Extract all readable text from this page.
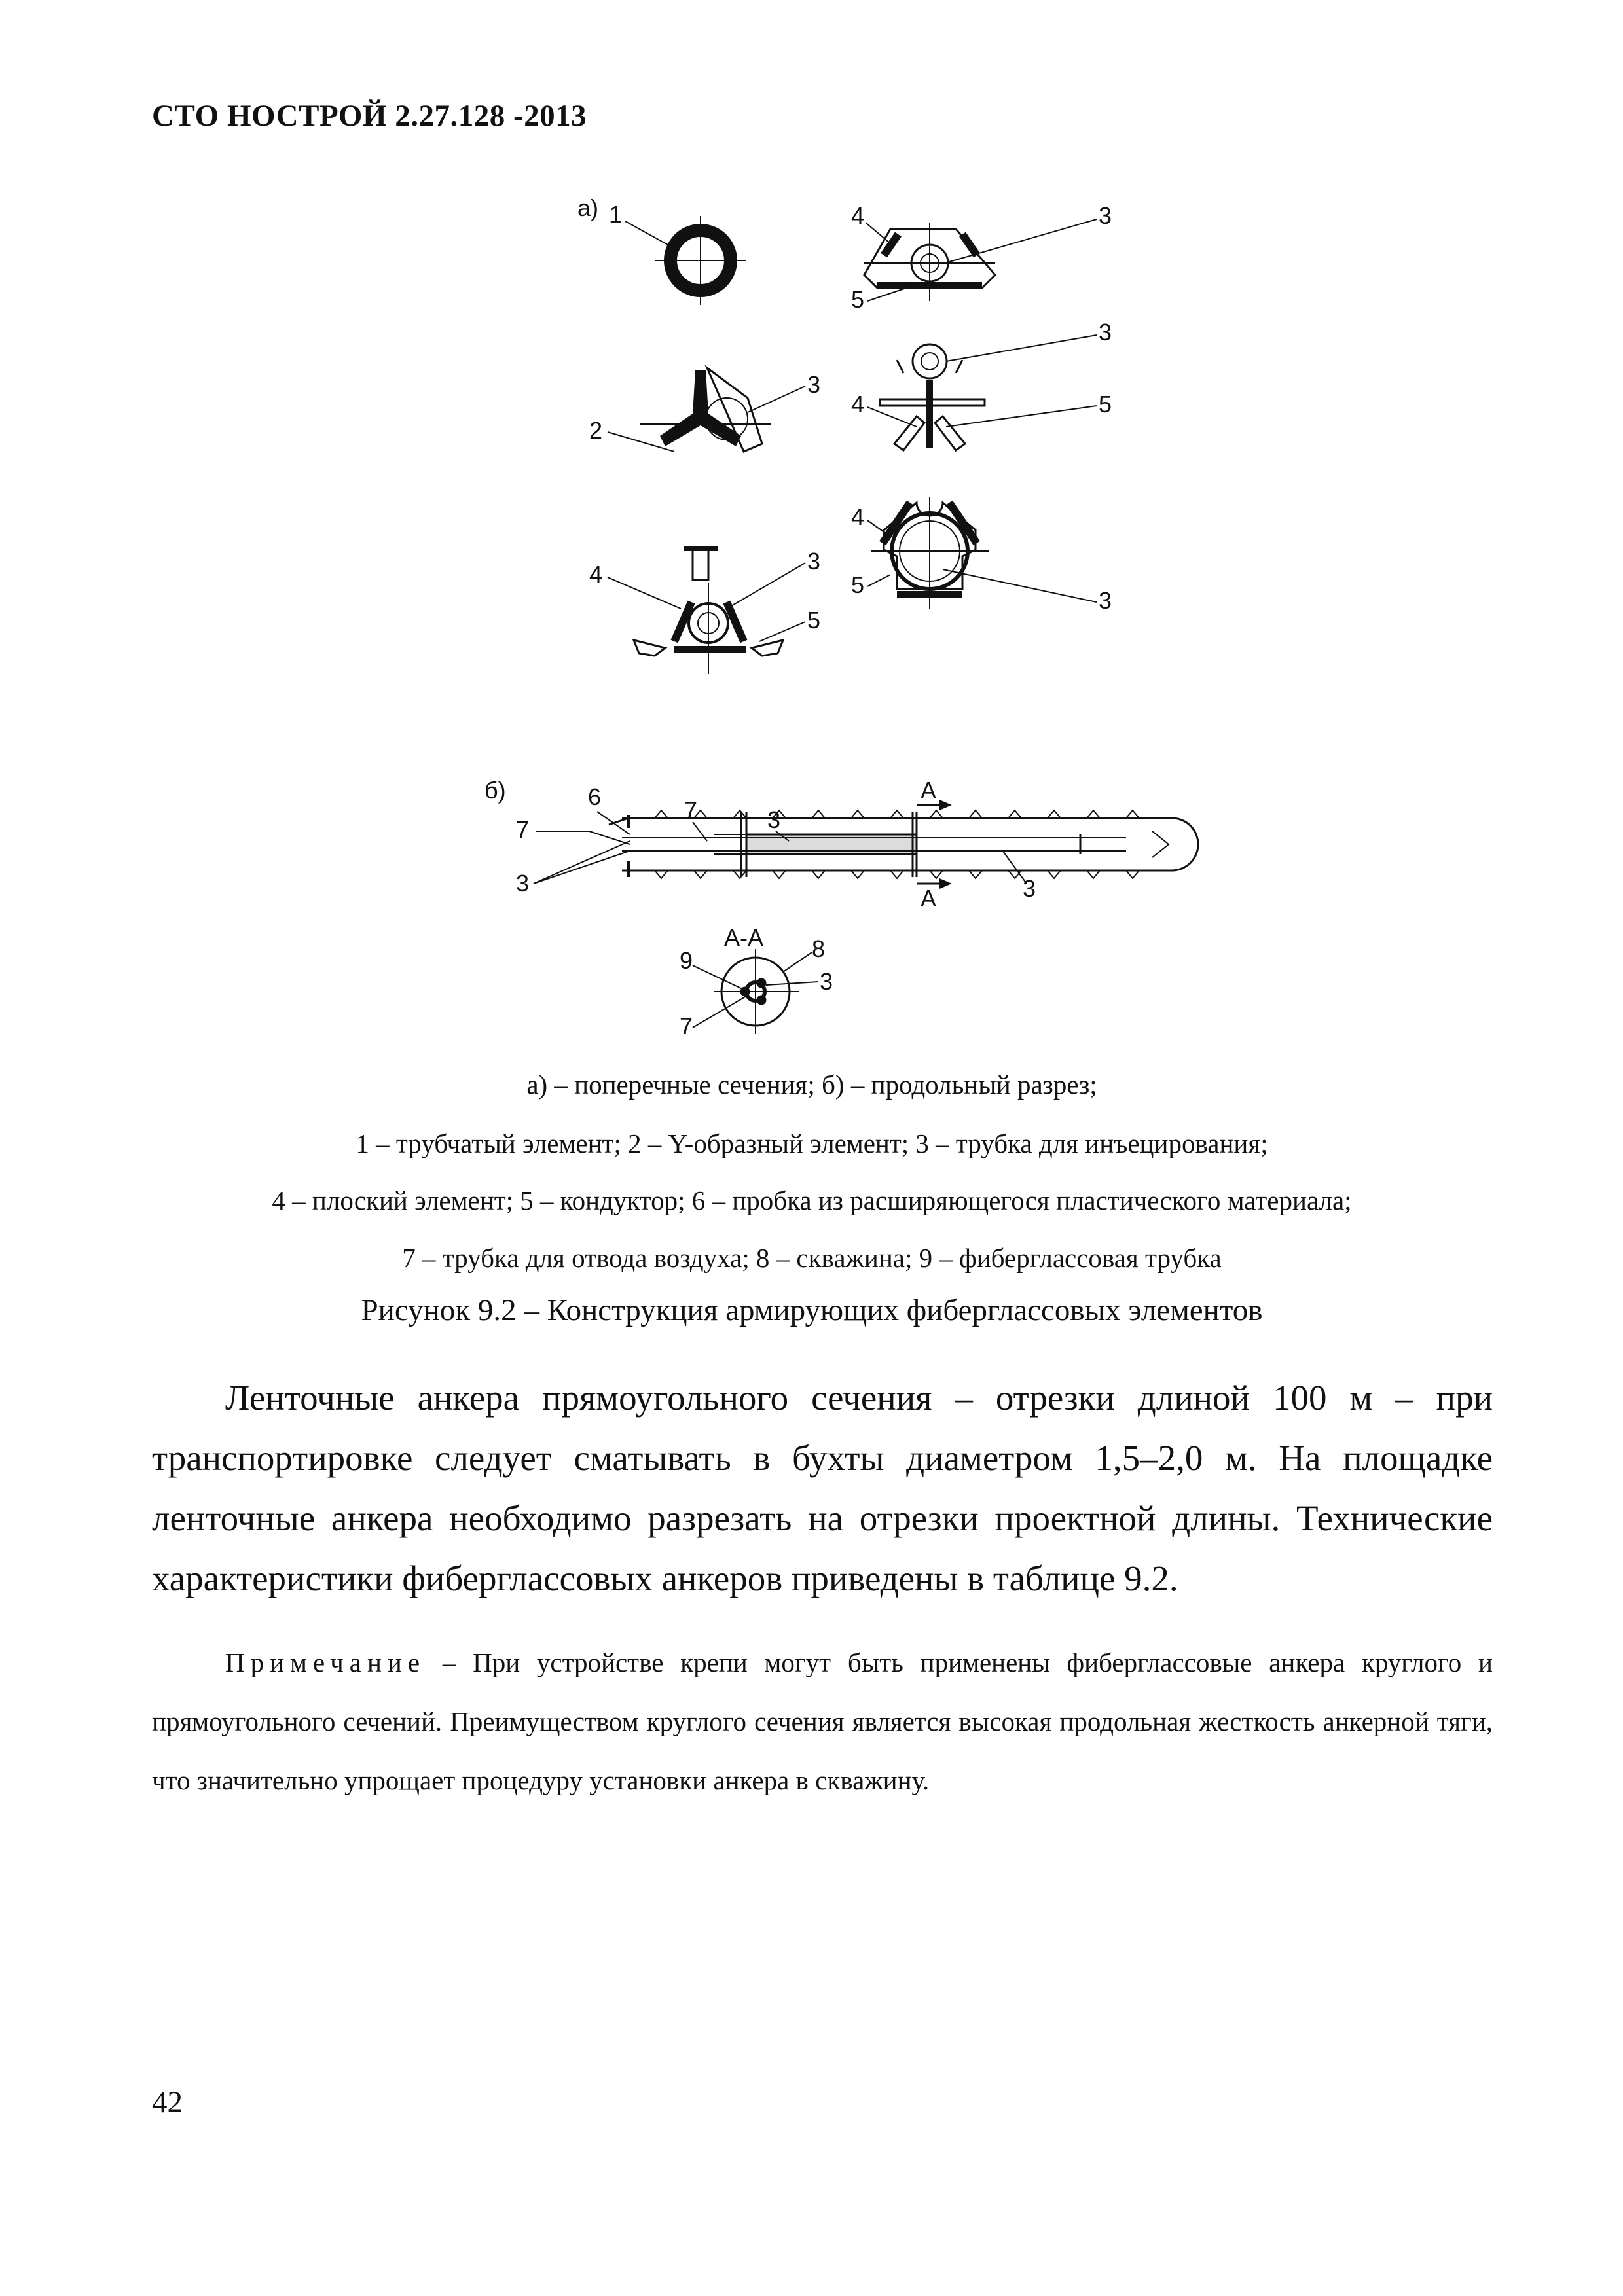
СТО НОСТРОЙ 2.27.128 -2013
а) 1
2
3
4	3
5
4	3
5
3
4	5
4
5
3
б)	6
7
3
7	3
А
А	3
А-А
9	8
3
7
а) – поперечные сечения; б) – продольный разрез;
1 – трубчатый элемент; 2 – Y-образный элемент; 3 – трубка для инъецирования;
4 – плоский элемент; 5 – кондуктор; 6 – пробка из расширяющегося пластического материала;
7 – трубка для отвода воздуха; 8 – скважина; 9 – фибергласcовая трубка
Рисунок 9.2 – Конструкция армирующих фиберглассовых элементов

Ленточные анкера прямоугольного сечения – отрезки длиной 100 м – при транспортировке следует сматывать в бухты диаметром 1,5–2,0 м. На площадке ленточные анкера необходимо разрезать на отрезки проектной длины. Технические характеристики фиберглассовых анкеров приведены в таблице 9.2.

Примечание – При устройстве крепи могут быть применены фиберглассовые анкера круглого и прямоугольного сечений. Преимуществом круглого сечения является высокая продольная жесткость анкерной тяги, что значительно упрощает процедуру установки анкера в скважину.

42
